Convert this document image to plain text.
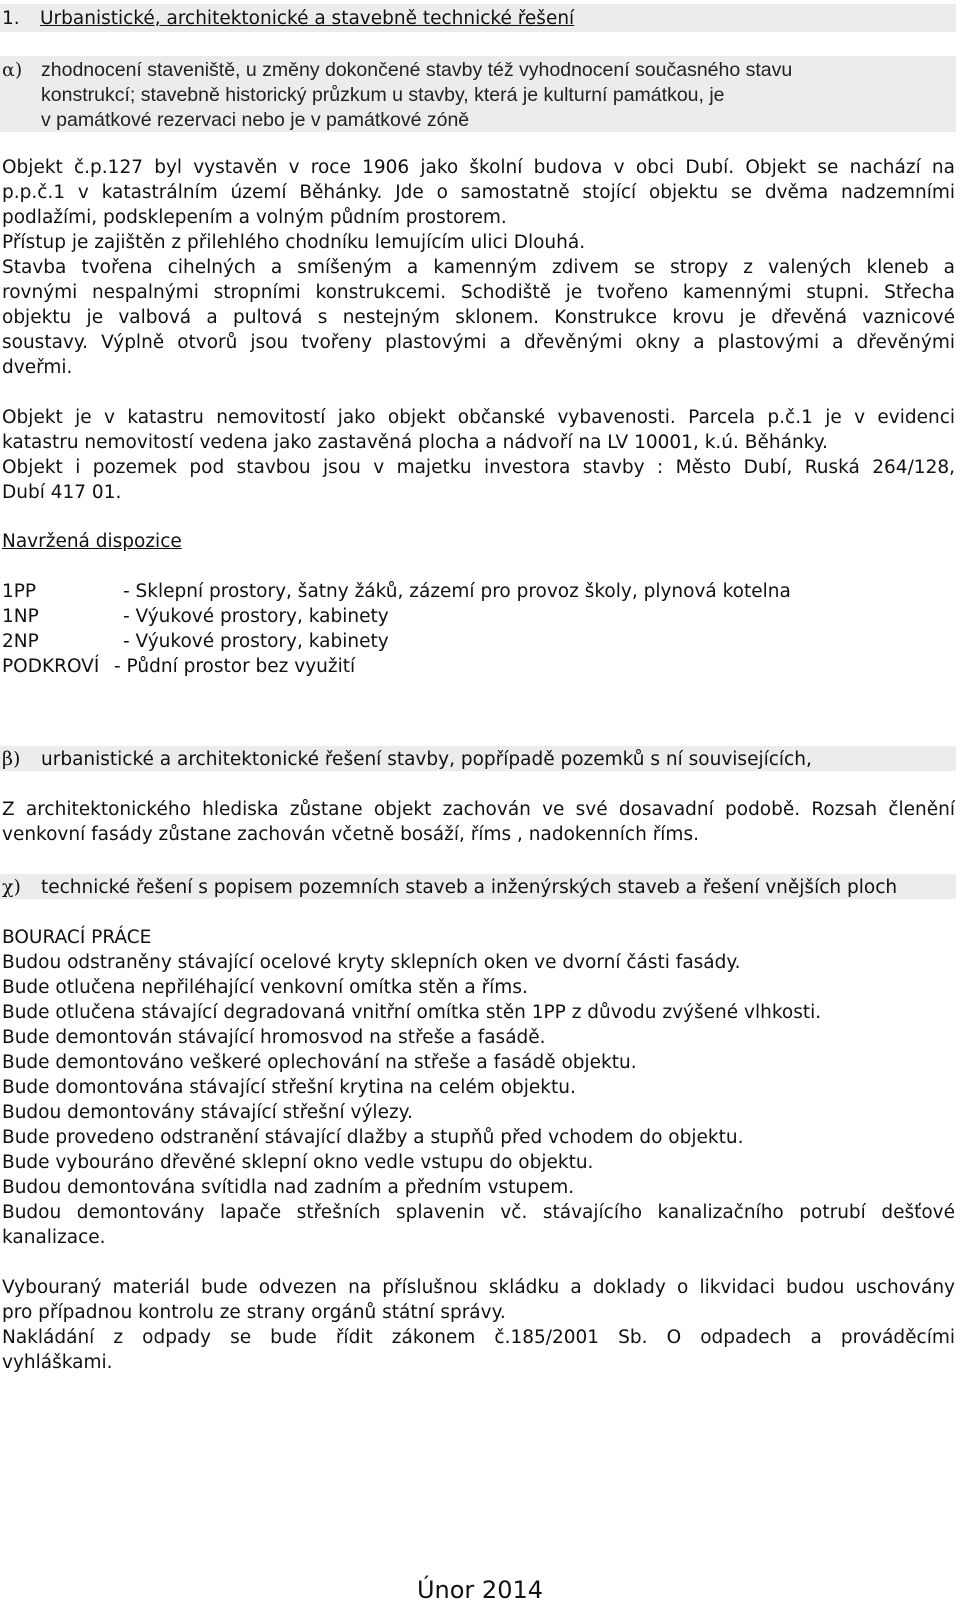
1. Urbanistické, architektonické a stavebně technické řešení
α) zhodnocení staveniště, u změny dokončené stavby též vyhodnocení současného stavu
konstrukcí; stavebně historický průzkum u stavby, která je kulturní památkou, je
v památkové rezervaci nebo je v památkové zóně
Objekt č.p.127 byl vystavěn v roce 1906 jako školní budova v obci Dubí. Objekt se nachází na
p.p.č.1 v katastrálním území Běhánky. Jde o samostatně stojící objektu se dvěma nadzemními
podlažími, podsklepením a volným půdním prostorem.
Přístup je zajištěn z přilehlého chodníku lemujícím ulici Dlouhá.
Stavba tvořena cihelných a smíšeným a kamenným zdivem se stropy z valených kleneb a
rovnými nespalnými stropními konstrukcemi. Schodiště je tvořeno kamennými stupni. Střecha
objektu je valbová a pultová s nestejným sklonem. Konstrukce krovu je dřevěná vaznicové
soustavy. Výplně otvorů jsou tvořeny plastovými a dřevěnými okny a plastovými a dřevěnými
dveřmi.
Objekt je v katastru nemovitostí jako objekt občanské vybavenosti. Parcela p.č.1 je v evidenci
katastru nemovitostí vedena jako zastavěná plocha a nádvoří na LV 10001, k.ú. Běhánky.
Objekt i pozemek pod stavbou jsou v majetku investora stavby : Město Dubí, Ruská 264/128,
Dubí 417 01.
Navržená dispozice
1PP	- Sklepní prostory, šatny žáků, zázemí pro provoz školy, plynová kotelna
1NP	- Výukové prostory, kabinety
2NP	- Výukové prostory, kabinety
PODKROVÍ - Půdní prostor bez využití
β) urbanistické a architektonické řešení stavby, popřípadě pozemků s ní souvisejících,
Z architektonického hlediska zůstane objekt zachován ve své dosavadní podobě. Rozsah členění
venkovní fasády zůstane zachován včetně bosáží, říms , nadokenních říms.
χ) technické řešení s popisem pozemních staveb a inženýrských staveb a řešení vnějších ploch
BOURACÍ PRÁCE
Budou odstraněny stávající ocelové kryty sklepních oken ve dvorní části fasády.
Bude otlučena nepřiléhající venkovní omítka stěn a říms.
Bude otlučena stávající degradovaná vnitřní omítka stěn 1PP z důvodu zvýšené vlhkosti.
Bude demontován stávající hromosvod na střeše a fasádě.
Bude demontováno veškeré oplechování na střeše a fasádě objektu.
Bude domontována stávající střešní krytina na celém objektu.
Budou demontovány stávající střešní výlezy.
Bude provedeno odstranění stávající dlažby a stupňů před vchodem do objektu.
Bude vybouráno dřevěné sklepní okno vedle vstupu do objektu.
Budou demontována svítidla nad zadním a předním vstupem.
Budou demontovány lapače střešních splavenin vč. stávajícího kanalizačního potrubí dešťové
kanalizace.
Vybouraný materiál bude odvezen na příslušnou skládku a doklady o likvidaci budou uschovány
pro případnou kontrolu ze strany orgánů státní správy.
Nakládání z odpady se bude řídit zákonem č.185/2001 Sb. O odpadech a prováděcími
vyhláškami.
Únor 2014
